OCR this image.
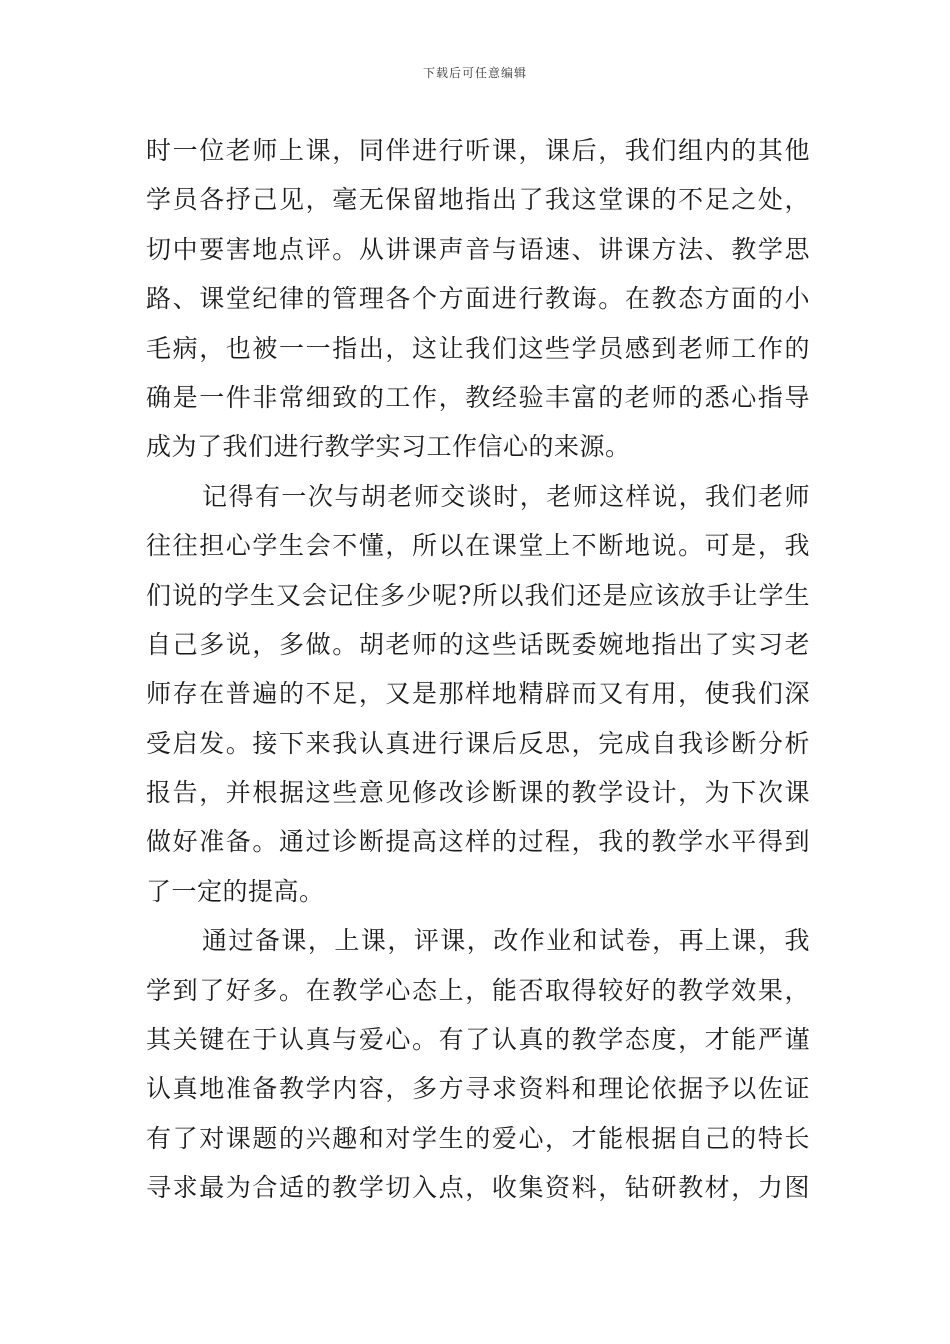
下载后可任意编辑
时一位老师上课，同伴进行听课，课后，我们组内的其他
学员各抒己见，毫无保留地指出了我这堂课的不足之处，
切中要害地点评。从讲课声音与语速、讲课方法、教学思
路、课堂纪律的管理各个方面进行教诲。在教态方面的小
毛病，也被一一指出，这让我们这些学员感到老师工作的
确是一件非常细致的工作，教经验丰富的老师的悉心指导
成为了我们进行教学实习工作信心的来源。
记得有一次与胡老师交谈时，老师这样说，我们老师
往往担心学生会不懂，所以在课堂上不断地说。可是，我
们说的学生又会记住多少呢?所以我们还是应该放手让学生
自己多说，多做。胡老师的这些话既委婉地指出了实习老
师存在普遍的不足，又是那样地精辟而又有用，使我们深
受启发。接下来我认真进行课后反思，完成自我诊断分析
报告，并根据这些意见修改诊断课的教学设计，为下次课
做好准备。通过诊断提高这样的过程，我的教学水平得到
了一定的提高。
通过备课，上课，评课，改作业和试卷，再上课，我
学到了好多。在教学心态上，能否取得较好的教学效果，
其关键在于认真与爱心。有了认真的教学态度，才能严谨
认真地准备教学内容，多方寻求资料和理论依据予以佐证
有了对课题的兴趣和对学生的爱心，才能根据自己的特长
寻求最为合适的教学切入点，收集资料，钻研教材，力图
